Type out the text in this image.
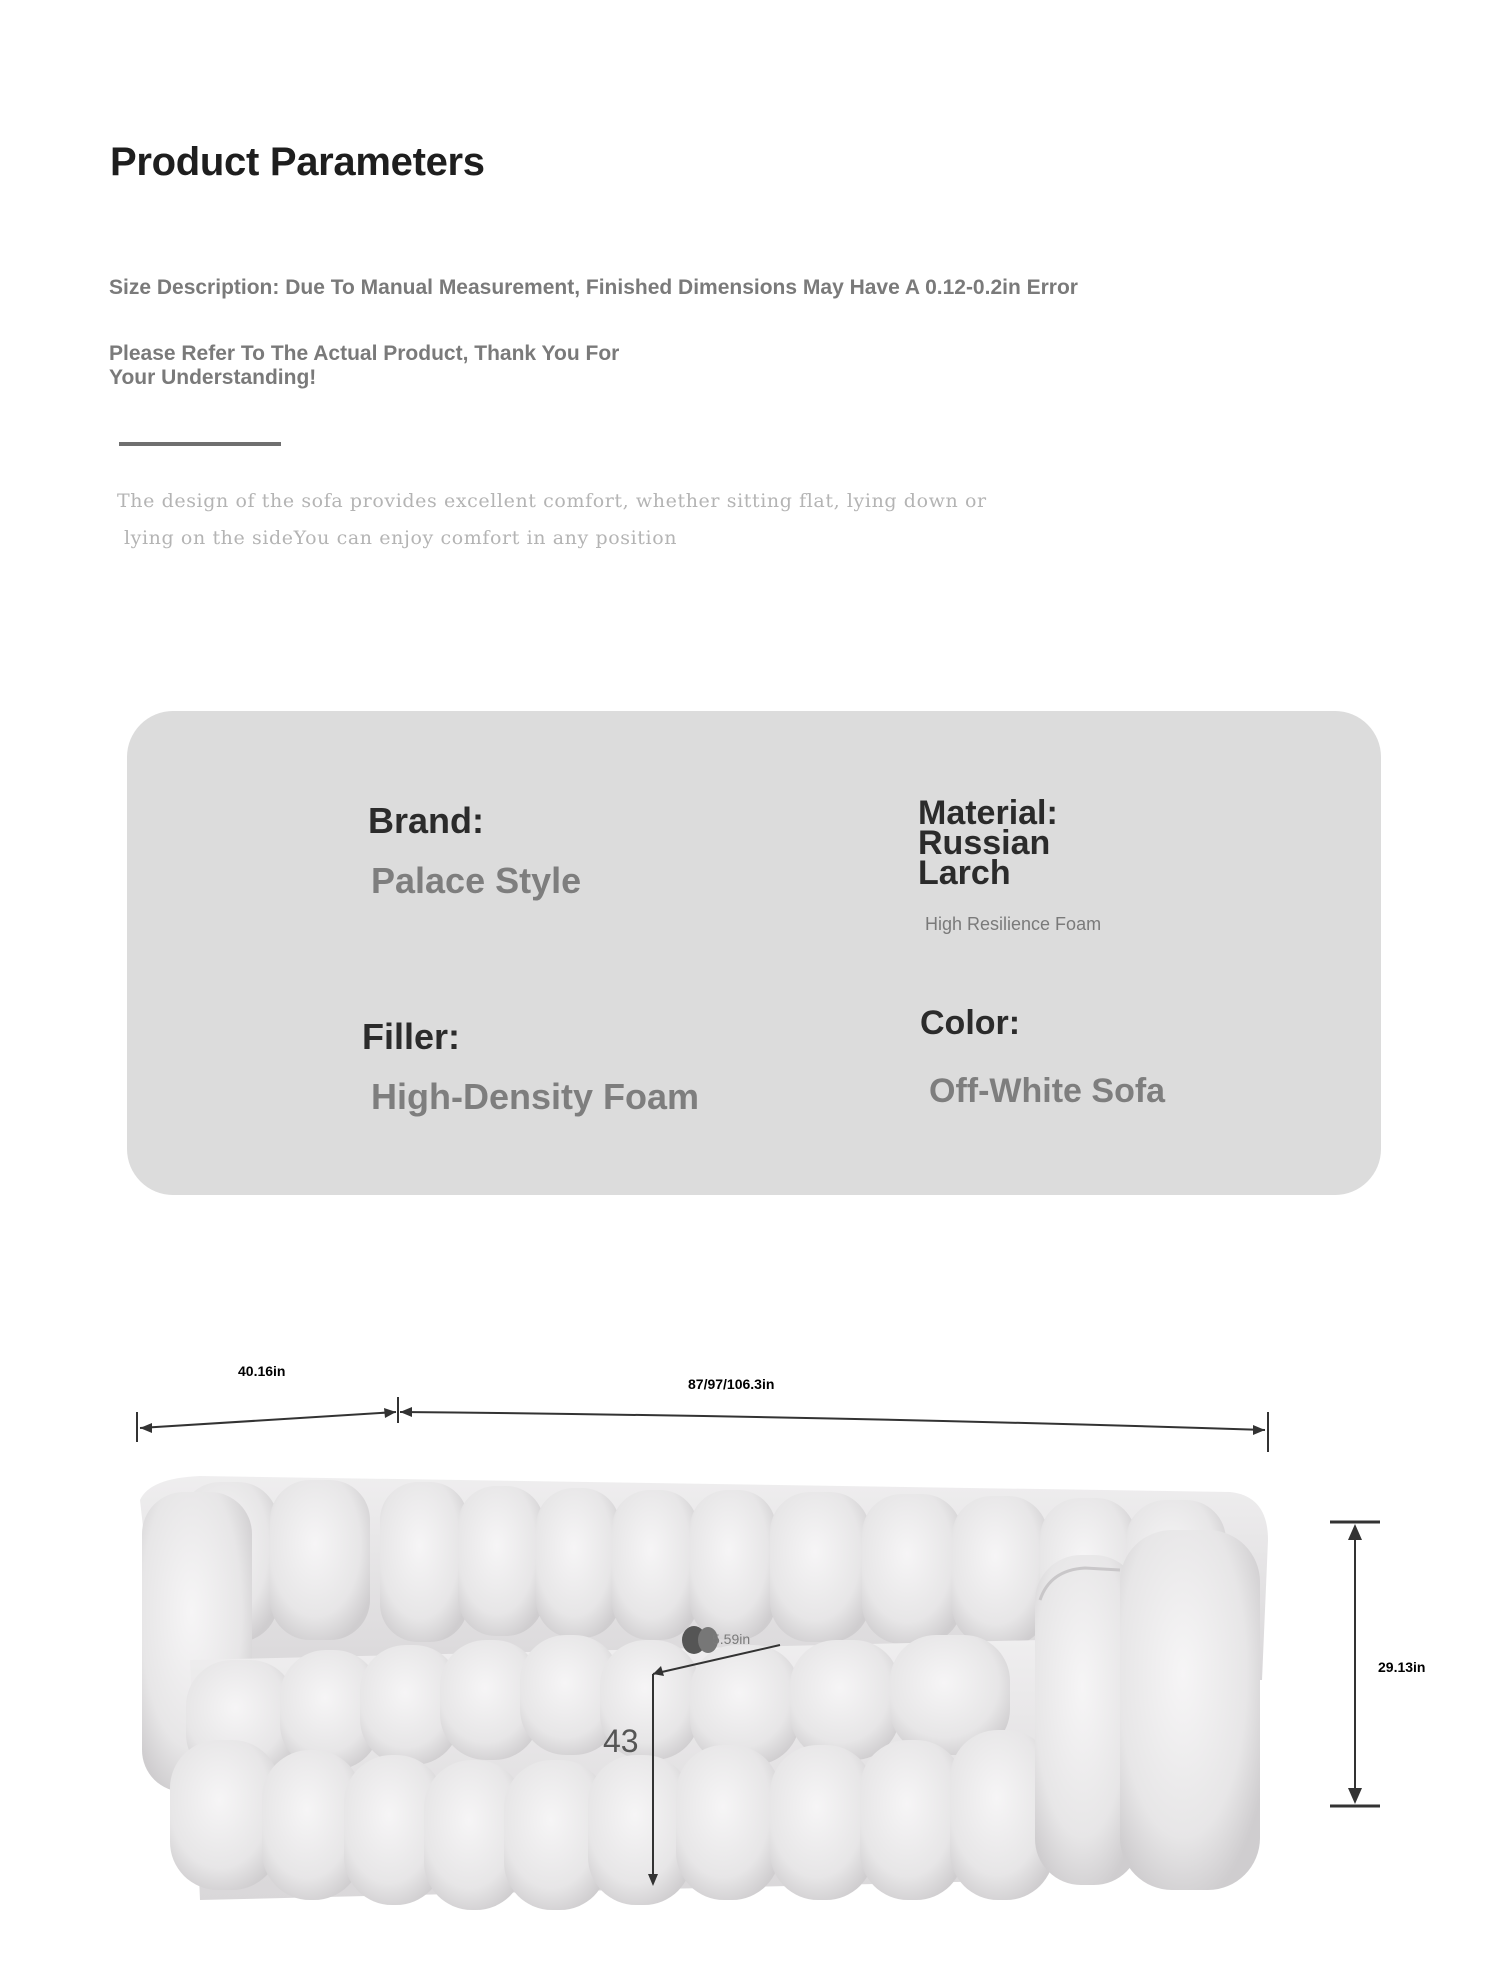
Product Parameters
Size Description: Due To Manual Measurement, Finished Dimensions May Have A 0.12-0.2in Error
Please Refer To The Actual Product, Thank You For
Your Understanding!
The design of the sofa provides excellent comfort, whether sitting flat, lying down or
lying on the sideYou can enjoy comfort in any position
Brand:
Palace Style
Material:
Russian
Larch
High Resilience Foam
Filler:
High-Density Foam
Color:
Off-White Sofa
40.16in
87/97/106.3in
5.59in
43
29.13in
